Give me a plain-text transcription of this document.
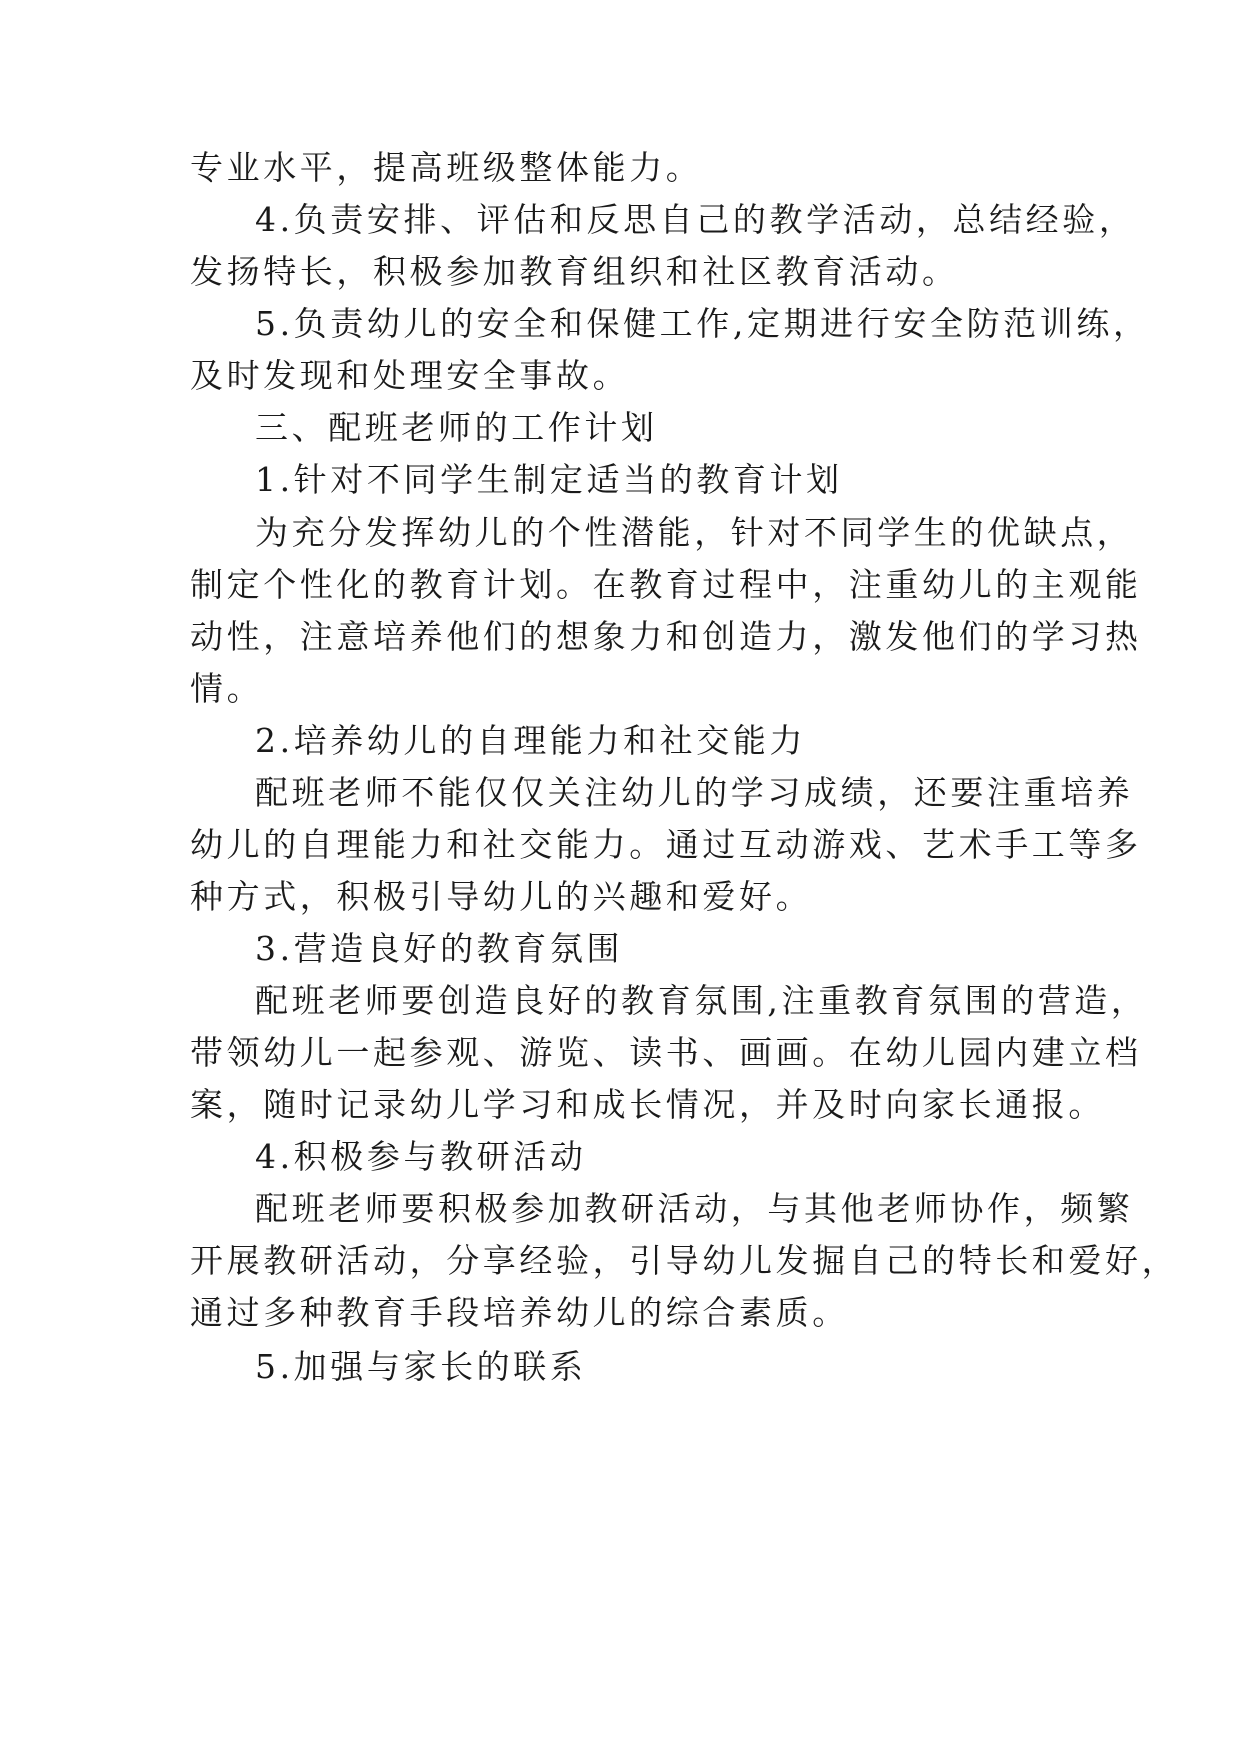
专业水平，提高班级整体能力。
4.负责安排、评估和反思自己的教学活动，总结经验，
发扬特长，积极参加教育组织和社区教育活动。
5.负责幼儿的安全和保健工作,定期进行安全防范训练，
及时发现和处理安全事故。
三、配班老师的工作计划
1.针对不同学生制定适当的教育计划
为充分发挥幼儿的个性潜能，针对不同学生的优缺点，
制定个性化的教育计划。在教育过程中，注重幼儿的主观能
动性，注意培养他们的想象力和创造力，激发他们的学习热
情。
2.培养幼儿的自理能力和社交能力
配班老师不能仅仅关注幼儿的学习成绩，还要注重培养
幼儿的自理能力和社交能力。通过互动游戏、艺术手工等多
种方式，积极引导幼儿的兴趣和爱好。
3.营造良好的教育氛围
配班老师要创造良好的教育氛围,注重教育氛围的营造，
带领幼儿一起参观、游览、读书、画画。在幼儿园内建立档
案，随时记录幼儿学习和成长情况，并及时向家长通报。
4.积极参与教研活动
配班老师要积极参加教研活动，与其他老师协作，频繁
开展教研活动，分享经验，引导幼儿发掘自己的特长和爱好，
通过多种教育手段培养幼儿的综合素质。
5.加强与家长的联系
